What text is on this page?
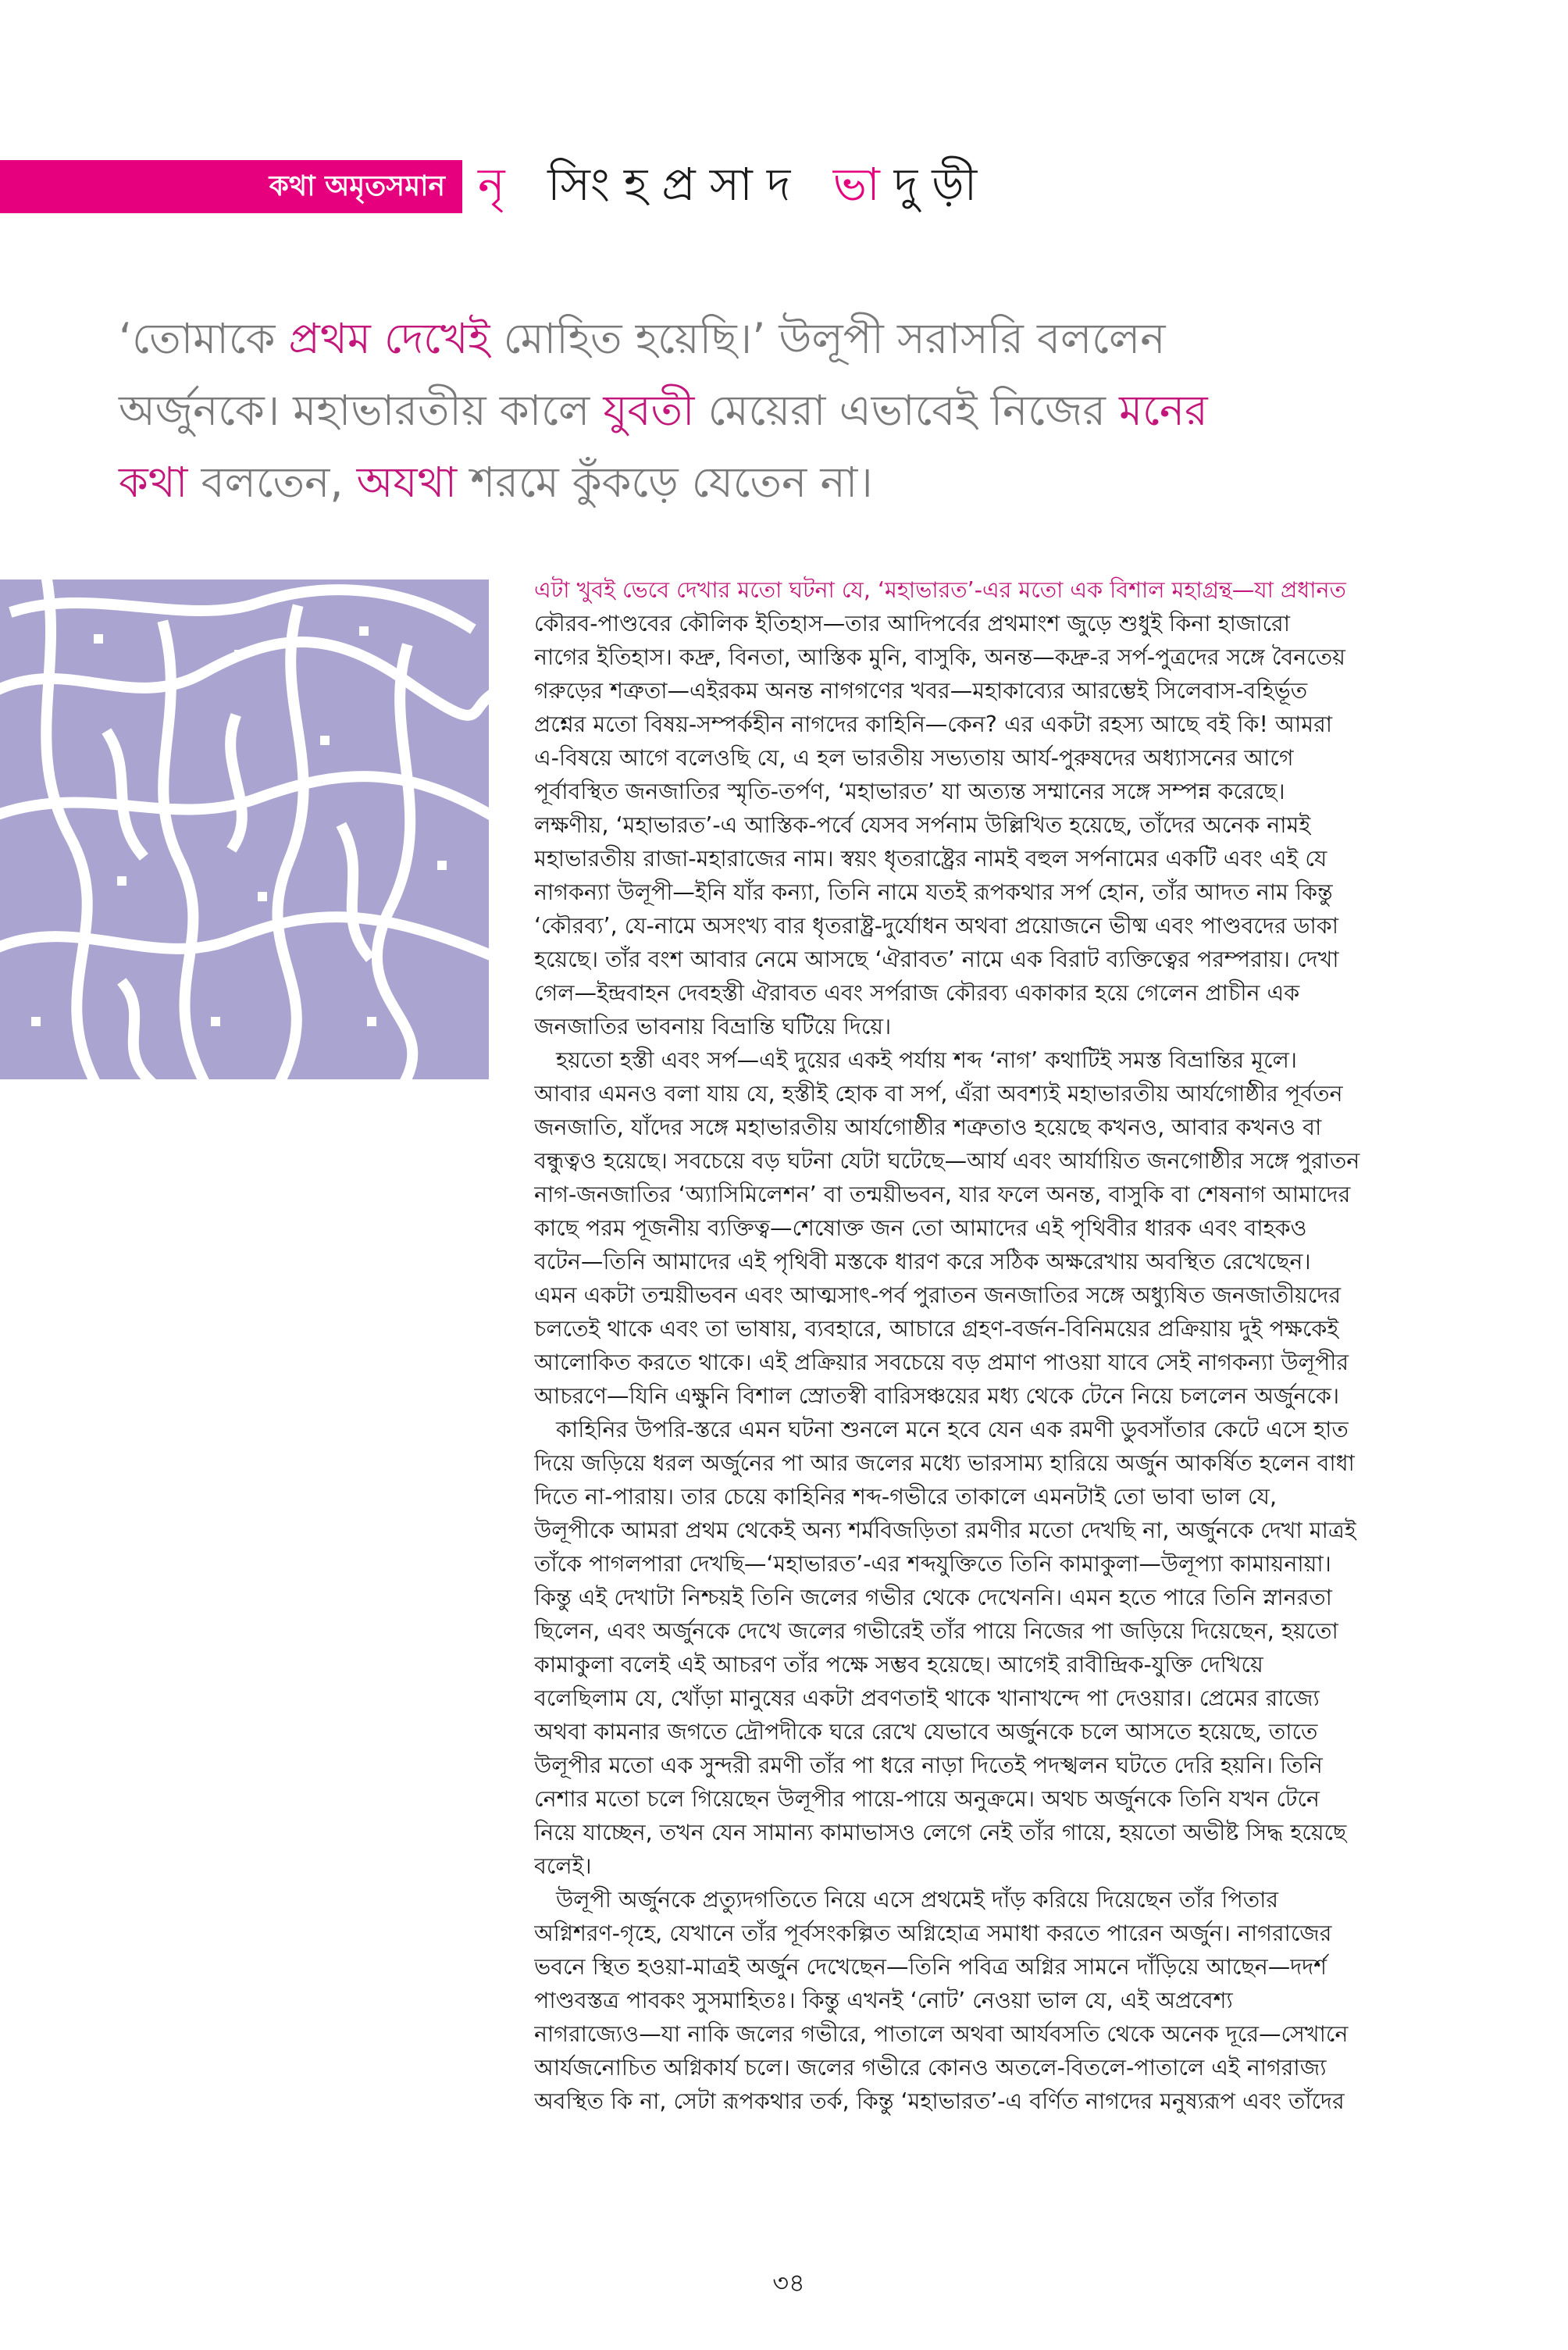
কথা অমৃতসমান নৃ সিংহপ্রসাদ ভাদুড়ী

‘তোমাকে প্রথম দেখেই মোহিত হয়েছি।’ উলূপী সরাসরি বললেন

অর্জুনকে। মহাভারতীয় কালে যুবতী মেয়েরা এভাবেই নিজের মনের

কথা বলতেন, অযথা শরমে কুঁকড়ে যেতেন না।

এটা খুবই ভেবে দেখার মতো ঘটনা যে, ‘মহাভারত’-এর মতো এক বিশাল মহাগ্রন্থ—যা প্রধানত
কৌরব-পাণ্ডবের কৌলিক ইতিহাস—তার আদিপর্বের প্রথমাংশ জুড়ে শুধুই কিনা হাজারো
নাগের ইতিহাস। কদ্রু, বিনতা, আস্তিক মুনি, বাসুকি, অনন্ত—কদ্রু-র সর্প-পুত্রদের সঙ্গে বৈনতেয়
গরুড়ের শত্রুতা—এইরকম অনন্ত নাগগণের খবর—মহাকাব্যের আরম্ভেই সিলেবাস-বহির্ভূত
প্রশ্নের মতো বিষয়-সম্পর্কহীন নাগদের কাহিনি—কেন? এর একটা রহস্য আছে বই কি! আমরা
এ-বিষয়ে আগে বলেওছি যে, এ হল ভারতীয় সভ্যতায় আর্য-পুরুষদের অধ্যাসনের আগে
পূর্বাবস্থিত জনজাতির স্মৃতি-তর্পণ, ‘মহাভারত’ যা অত্যন্ত সম্মানের সঙ্গে সম্পন্ন করেছে।
লক্ষণীয়, ‘মহাভারত’-এ আস্তিক-পর্বে যেসব সর্পনাম উল্লিখিত হয়েছে, তাঁদের অনেক নামই
মহাভারতীয় রাজা-মহারাজের নাম। স্বয়ং ধৃতরাষ্ট্রের নামই বহুল সর্পনামের একটি এবং এই যে
নাগকন্যা উলূপী—ইনি যাঁর কন্যা, তিনি নামে যতই রূপকথার সর্প হোন, তাঁর আদত নাম কিন্তু
‘কৌরব্য’, যে-নামে অসংখ্য বার ধৃতরাষ্ট্র-দুর্যোধন অথবা প্রয়োজনে ভীষ্ম এবং পাণ্ডবদের ডাকা
হয়েছে। তাঁর বংশ আবার নেমে আসছে ‘ঐরাবত’ নামে এক বিরাট ব্যক্তিত্বের পরম্পরায়। দেখা
গেল—ইন্দ্রবাহন দেবহস্তী ঐরাবত এবং সর্পরাজ কৌরব্য একাকার হয়ে গেলেন প্রাচীন এক
জনজাতির ভাবনায় বিভ্রান্তি ঘটিয়ে দিয়ে।
হয়তো হস্তী এবং সর্প—এই দুয়ের একই পর্যায় শব্দ ‘নাগ’ কথাটিই সমস্ত বিভ্রান্তির মূলে।
আবার এমনও বলা যায় যে, হস্তীই হোক বা সর্প, এঁরা অবশ্যই মহাভারতীয় আর্যগোষ্ঠীর পূর্বতন
জনজাতি, যাঁদের সঙ্গে মহাভারতীয় আর্যগোষ্ঠীর শত্রুতাও হয়েছে কখনও, আবার কখনও বা
বন্ধুত্বও হয়েছে। সবচেয়ে বড় ঘটনা যেটা ঘটেছে—আর্য এবং আর্যায়িত জনগোষ্ঠীর সঙ্গে পুরাতন
নাগ-জনজাতির ‘অ্যাসিমিলেশন’ বা তন্ময়ীভবন, যার ফলে অনন্ত, বাসুকি বা শেষনাগ আমাদের
কাছে পরম পূজনীয় ব্যক্তিত্ব—শেষোক্ত জন তো আমাদের এই পৃথিবীর ধারক এবং বাহকও
বটেন—তিনি আমাদের এই পৃথিবী মস্তকে ধারণ করে সঠিক অক্ষরেখায় অবস্থিত রেখেছেন।
এমন একটা তন্ময়ীভবন এবং আত্মসাৎ-পর্ব পুরাতন জনজাতির সঙ্গে অধ্যুষিত জনজাতীয়দের
চলতেই থাকে এবং তা ভাষায়, ব্যবহারে, আচারে গ্রহণ-বর্জন-বিনিময়ের প্রক্রিয়ায় দুই পক্ষকেই
আলোকিত করতে থাকে। এই প্রক্রিয়ার সবচেয়ে বড় প্রমাণ পাওয়া যাবে সেই নাগকন্যা উলূপীর
আচরণে—যিনি এক্ষুনি বিশাল স্রোতস্বী বারিসঞ্চয়ের মধ্য থেকে টেনে নিয়ে চললেন অর্জুনকে।
কাহিনির উপরি-স্তরে এমন ঘটনা শুনলে মনে হবে যেন এক রমণী ডুবসাঁতার কেটে এসে হাত
দিয়ে জড়িয়ে ধরল অর্জুনের পা আর জলের মধ্যে ভারসাম্য হারিয়ে অর্জুন আকর্ষিত হলেন বাধা
দিতে না-পারায়। তার চেয়ে কাহিনির শব্দ-গভীরে তাকালে এমনটাই তো ভাবা ভাল যে,
উলূপীকে আমরা প্রথম থেকেই অন্য শর্মবিজড়িতা রমণীর মতো দেখছি না, অর্জুনকে দেখা মাত্রই
তাঁকে পাগলপারা দেখছি—‘মহাভারত’-এর শব্দযুক্তিতে তিনি কামাকুলা—উলূপ্যা কামায়নায়া।
কিন্তু এই দেখাটা নিশ্চয়ই তিনি জলের গভীর থেকে দেখেননি। এমন হতে পারে তিনি স্নানরতা
ছিলেন, এবং অর্জুনকে দেখে জলের গভীরেই তাঁর পায়ে নিজের পা জড়িয়ে দিয়েছেন, হয়তো
কামাকুলা বলেই এই আচরণ তাঁর পক্ষে সম্ভব হয়েছে। আগেই রাবীন্দ্রিক-যুক্তি দেখিয়ে
বলেছিলাম যে, খোঁড়া মানুষের একটা প্রবণতাই থাকে খানাখন্দে পা দেওয়ার। প্রেমের রাজ্যে
অথবা কামনার জগতে দ্রৌপদীকে ঘরে রেখে যেভাবে অর্জুনকে চলে আসতে হয়েছে, তাতে
উলূপীর মতো এক সুন্দরী রমণী তাঁর পা ধরে নাড়া দিতেই পদস্খলন ঘটতে দেরি হয়নি। তিনি
নেশার মতো চলে গিয়েছেন উলূপীর পায়ে-পায়ে অনুক্রমে। অথচ অর্জুনকে তিনি যখন টেনে
নিয়ে যাচ্ছেন, তখন যেন সামান্য কামাভাসও লেগে নেই তাঁর গায়ে, হয়তো অভীষ্ট সিদ্ধ হয়েছে
বলেই।
উলূপী অর্জুনকে প্রত্যুদগতিতে নিয়ে এসে প্রথমেই দাঁড় করিয়ে দিয়েছেন তাঁর পিতার
অগ্নিশরণ-গৃহে, যেখানে তাঁর পূর্বসংকল্পিত অগ্নিহোত্র সমাধা করতে পারেন অর্জুন। নাগরাজের
ভবনে স্থিত হওয়া-মাত্রই অর্জুন দেখেছেন—তিনি পবিত্র অগ্নির সামনে দাঁড়িয়ে আছেন—দদর্শ
পাণ্ডবস্তত্র পাবকং সুসমাহিতঃ। কিন্তু এখনই ‘নোট’ নেওয়া ভাল যে, এই অপ্রবেশ্য
নাগরাজ্যেও—যা নাকি জলের গভীরে, পাতালে অথবা আর্যবসতি থেকে অনেক দূরে—সেখানে
আর্যজনোচিত অগ্নিকার্য চলে। জলের গভীরে কোনও অতলে-বিতলে-পাতালে এই নাগরাজ্য
অবস্থিত কি না, সেটা রূপকথার তর্ক, কিন্তু ‘মহাভারত’-এ বর্ণিত নাগদের মনুষ্যরূপ এবং তাঁদের
৩৪
